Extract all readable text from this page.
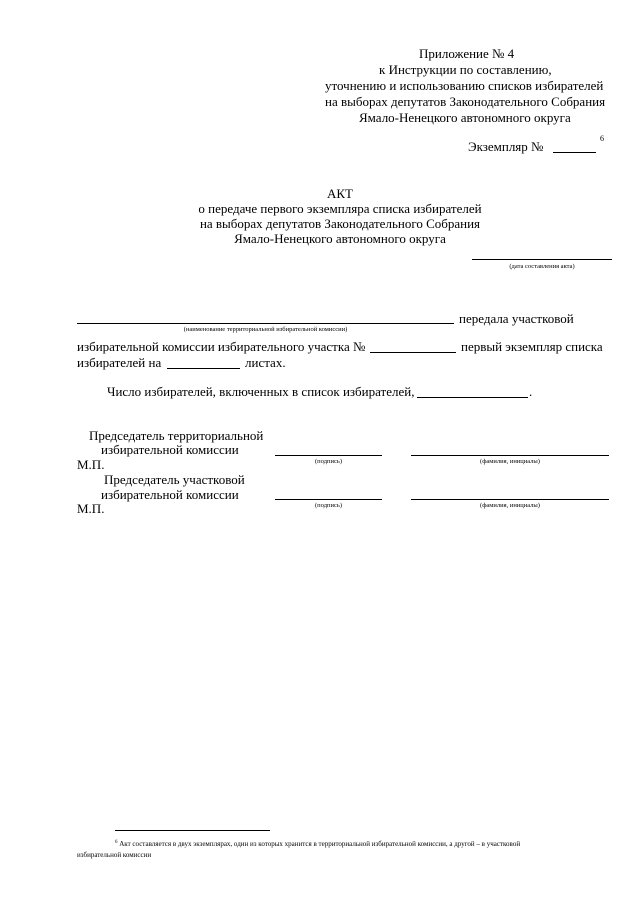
Приложение № 4
к Инструкции по составлению,
уточнению и использованию списков избирателей
на выборах депутатов Законодательного Собрания
Ямало-Ненецкого автономного округа
Экземпляр №
6
АКТ
о передаче первого экземпляра списка избирателей
на выборах депутатов Законодательного Собрания
Ямало-Ненецкого автономного округа
(дата составления акта)
передала участковой
(наименование территориальной избирательной комиссии)
избирательной комиссии избирательного участка №	первый экземпляр списка
избирателей на	листах.
Число избирателей, включенных в список избирателей,	.
Председатель территориальной
избирательной комиссии
М.П.	(подпись)	(фамилия, инициалы)
Председатель участковой
избирательной комиссии
М.П.	(подпись)	(фамилия, инициалы)
$^6$ Акт составляется в двух экземплярах, один из которых хранится в территориальной избирательной комиссии, а другой – в участковой
избирательной комиссии
